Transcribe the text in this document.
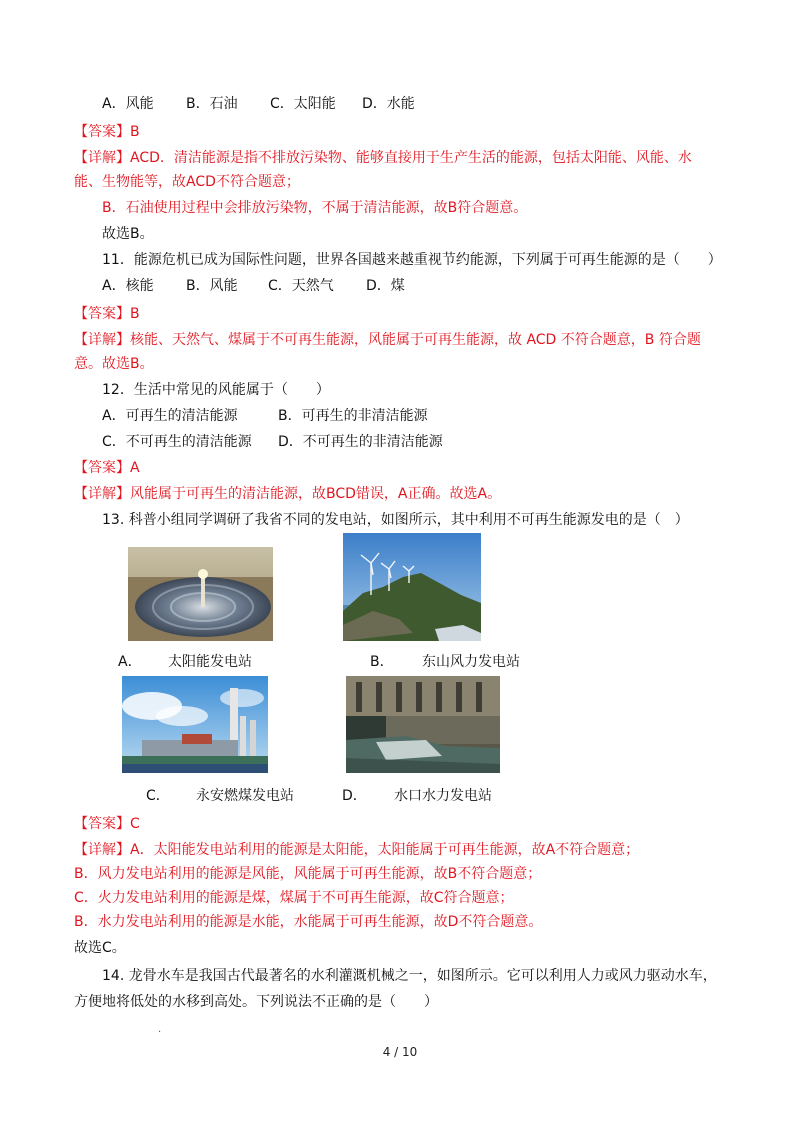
A．风能 B．石油 C．太阳能 D．水能
【答案】B
【详解】ACD．清洁能源是指不排放污染物、能够直接用于生产生活的能源，包括太阳能、风能、水
能、生物能等，故ACD不符合题意；
B．石油使用过程中会排放污染物，不属于清洁能源，故B符合题意。
故选B。
11．能源危机已成为国际性问题，世界各国越来越重视节约能源，下列属于可再生能源的是（　　）
A．核能 B．风能 C．天然气 D．煤
【答案】B
【详解】核能、天然气、煤属于不可再生能源，风能属于可再生能源，故 ACD 不符合题意，B 符合题
意。故选B。
12．生活中常见的风能属于（　　）
A．可再生的清洁能源	B．可再生的非清洁能源
C．不可再生的清洁能源 D．不可再生的非清洁能源
【答案】A
【详解】风能属于可再生的清洁能源，故BCD错误，A正确。故选A。
13. 科普小组同学调研了我省不同的发电站，如图所示，其中利用不可再生能源发电的是（　）
A． 太阳能发电站	B． 东山风力发电站
C． 永安燃煤发电站	D． 水口水力发电站
【答案】C
【详解】A．太阳能发电站利用的能源是太阳能，太阳能属于可再生能源，故A不符合题意；
B．风力发电站利用的能源是风能，风能属于可再生能源，故B不符合题意；
C．火力发电站利用的能源是煤，煤属于不可再生能源，故C符合题意；
B．水力发电站利用的能源是水能，水能属于可再生能源，故D不符合题意。
故选C。
14. 龙骨水车是我国古代最著名的水利灌溉机械之一，如图所示。它可以利用人力或风力驱动水车，
方便地将低处的水移到高处。下列说法不正确的是（　　）
.
4 / 10
